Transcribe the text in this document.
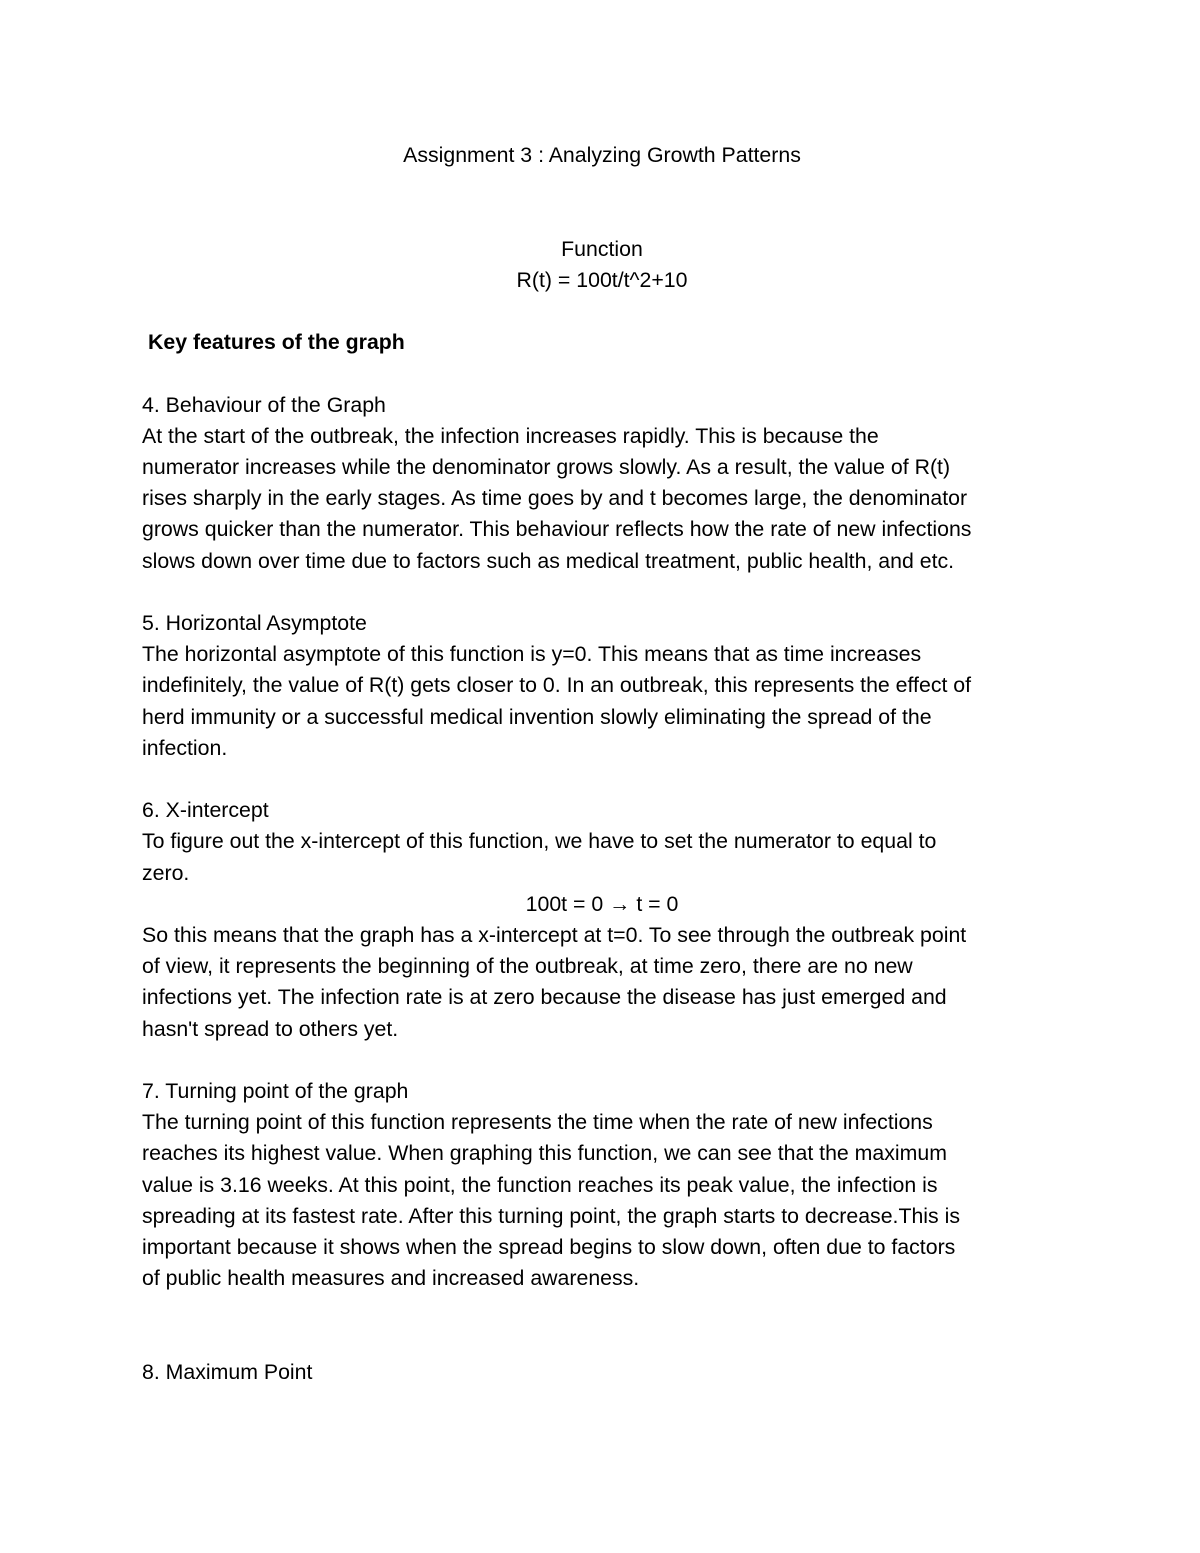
Assignment 3 : Analyzing Growth Patterns

Function

R(t) = 100t/t^2+10

Key features of the graph

4. Behaviour of the Graph

At the start of the outbreak, the infection increases rapidly. This is because the

numerator increases while the denominator grows slowly. As a result, the value of R(t)

rises sharply in the early stages. As time goes by and t becomes large, the denominator

grows quicker than the numerator. This behaviour reflects how the rate of new infections

slows down over time due to factors such as medical treatment, public health, and etc.

5. Horizontal Asymptote

The horizontal asymptote of this function is y=0. This means that as time increases

indefinitely, the value of R(t) gets closer to 0. In an outbreak, this represents the effect of

herd immunity or a successful medical invention slowly eliminating the spread of the

infection.

6. X-intercept

To figure out the x-intercept of this function, we have to set the numerator to equal to

zero.

100t = 0 → t = 0

So this means that the graph has a x-intercept at t=0. To see through the outbreak point

of view, it represents the beginning of the outbreak, at time zero, there are no new

infections yet. The infection rate is at zero because the disease has just emerged and

hasn't spread to others yet.

7. Turning point of the graph

The turning point of this function represents the time when the rate of new infections

reaches its highest value. When graphing this function, we can see that the maximum

value is 3.16 weeks. At this point, the function reaches its peak value, the infection is

spreading at its fastest rate. After this turning point, the graph starts to decrease.This is

important because it shows when the spread begins to slow down, often due to factors

of public health measures and increased awareness.

8. Maximum Point
